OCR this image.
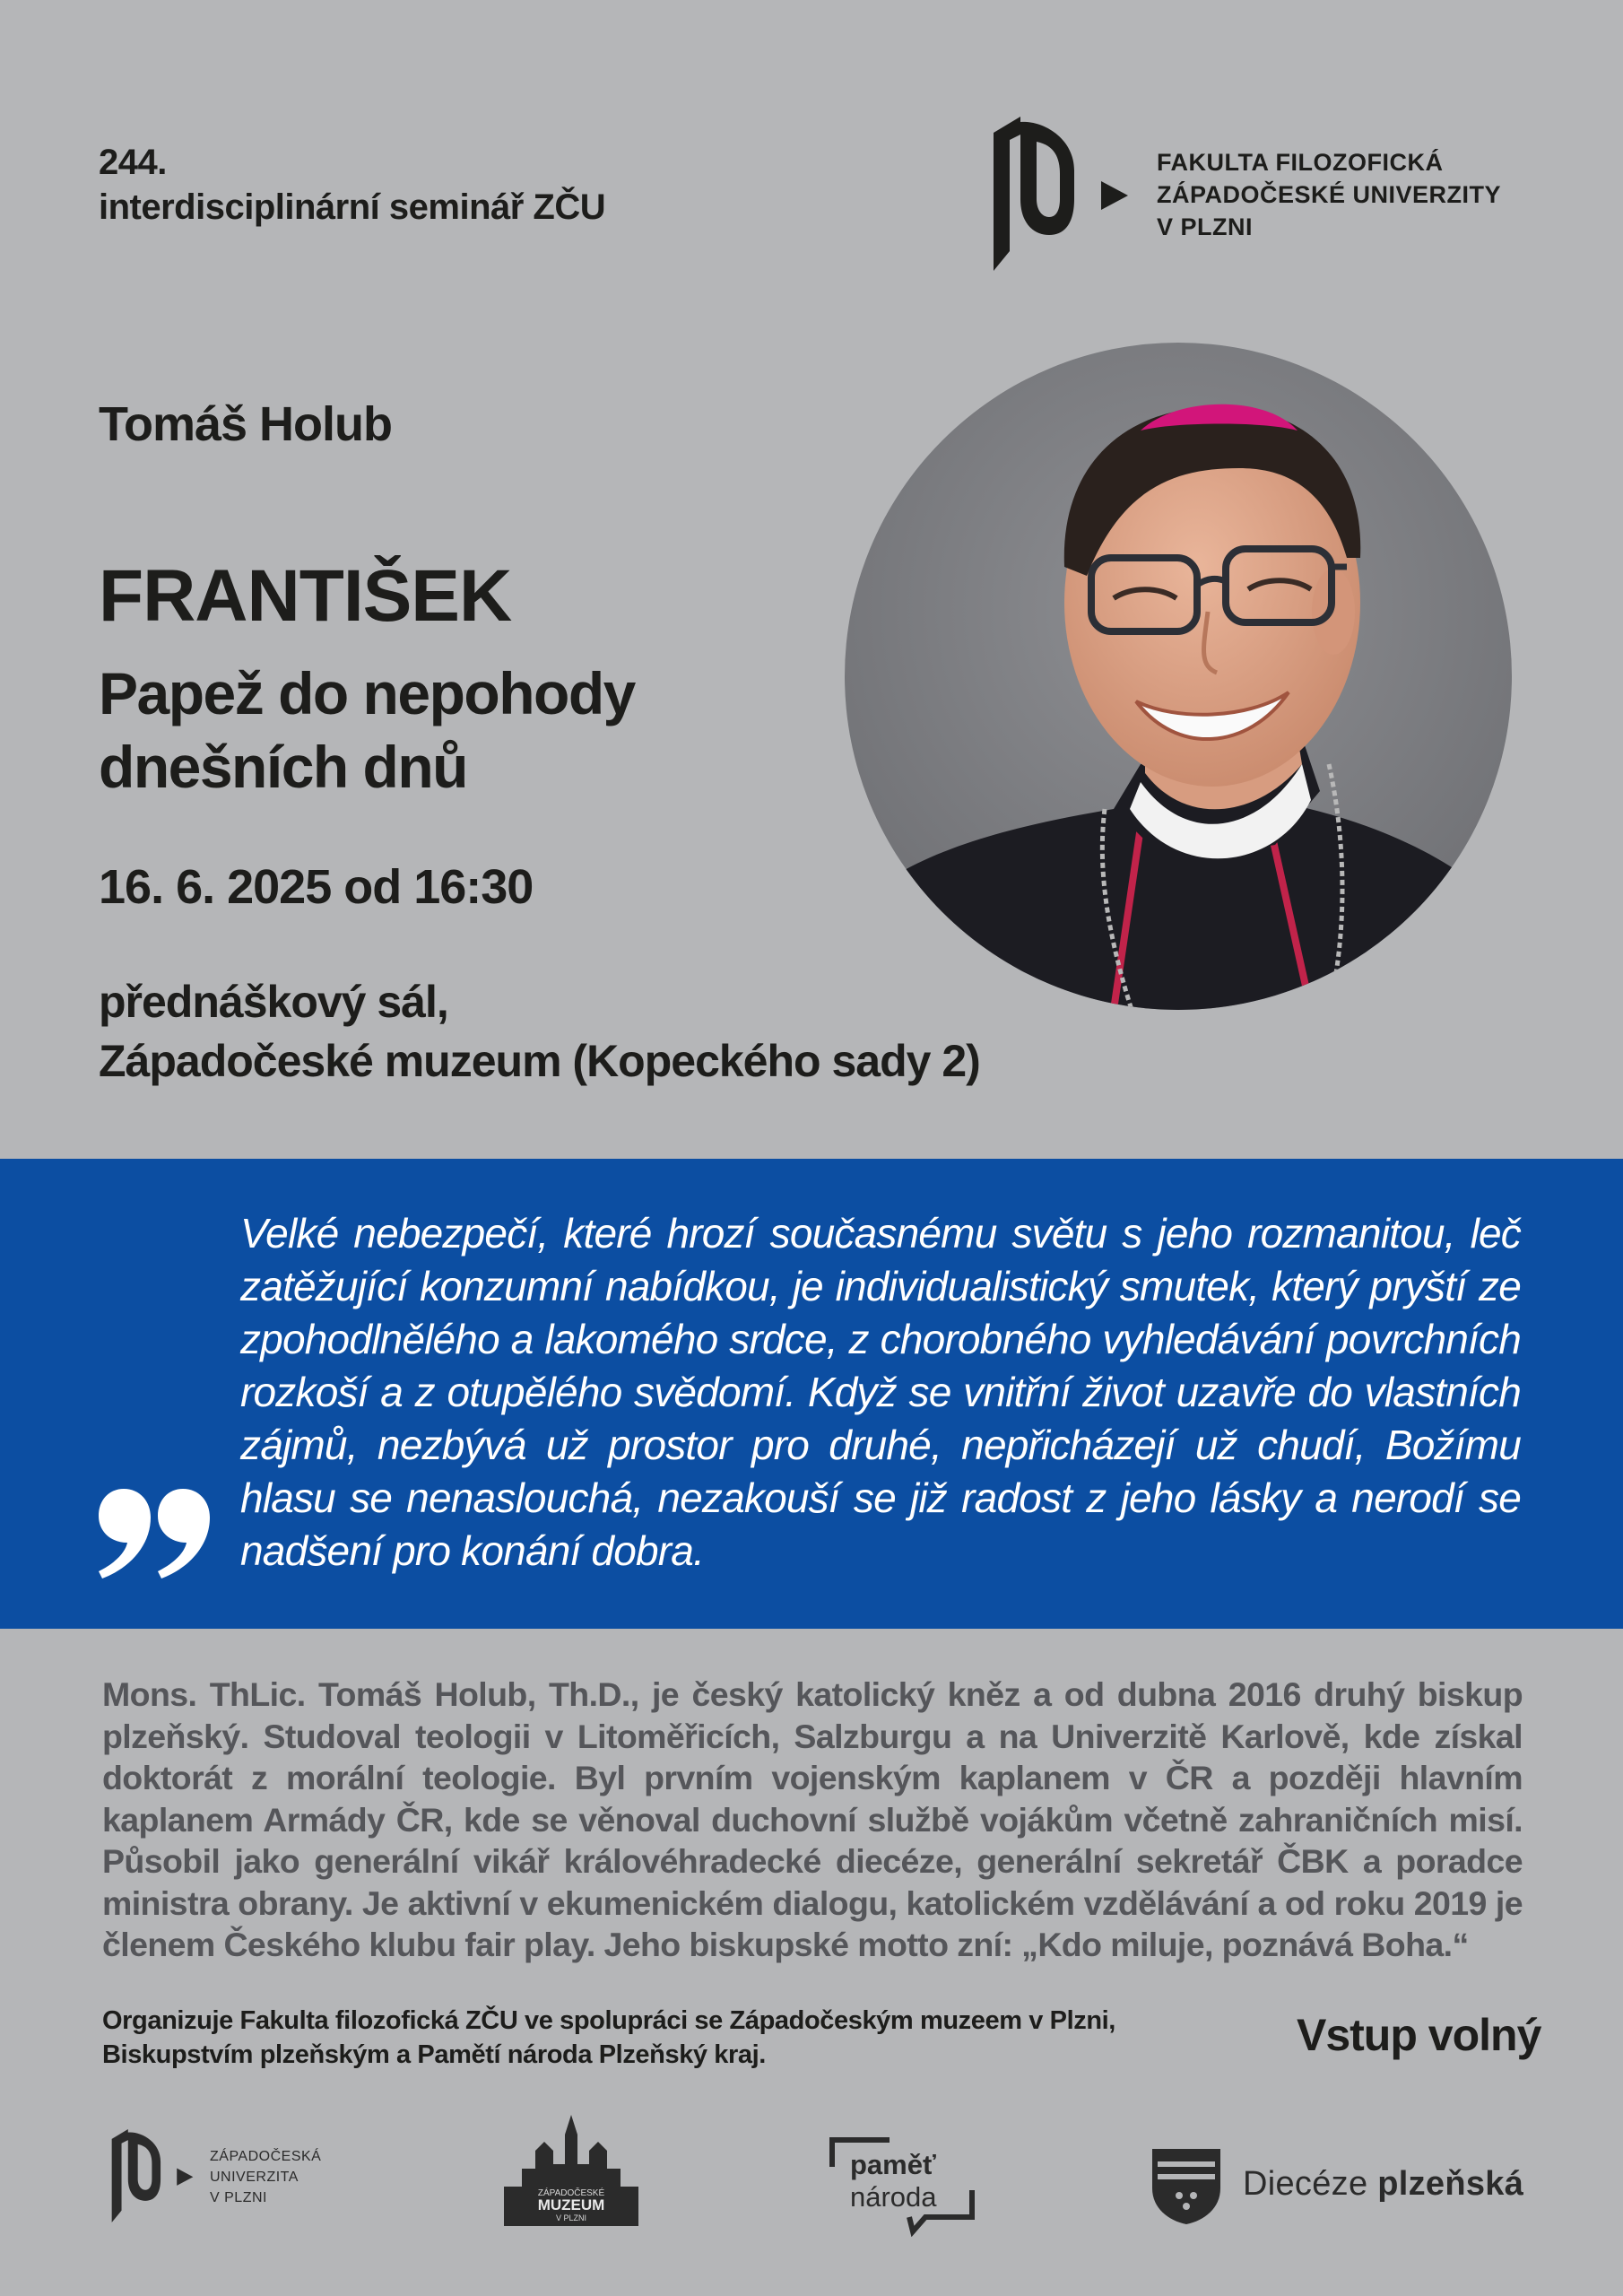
244.
interdisciplinární seminář ZČU
FAKULTA FILOZOFICKÁ
ZÁPADOČESKÉ UNIVERZITY
V PLZNI
Tomáš Holub
FRANTIŠEK
Papež do nepohody dnešních dnů
16. 6. 2025 od 16:30
přednáškový sál,
Západočeské muzeum (Kopeckého sady 2)
Velké nebezpečí, které hrozí současnému světu s jeho rozmanitou, leč zatěžující konzumní nabídkou, je individualistický smutek, který pryští ze zpohodlnělého a lakomého srdce, z chorobného vyhledávání povrchních rozkoší a z otupělého svědomí. Když se vnitřní život uzavře do vlastních zájmů, nezbývá už prostor pro druhé, nepřicházejí už chudí, Božímu hlasu se nenaslouchá, nezakouší se již radost z jeho lásky a nerodí se nadšení pro konání dobra.
Mons. ThLic. Tomáš Holub, Th.D., je český katolický kněz a od dubna 2016 druhý biskup plzeňský. Studoval teologii v Litoměřicích, Salzburgu a na Univerzitě Karlově, kde získal doktorát z morální teologie. Byl prvním vojenským kaplanem v ČR a později hlavním kaplanem Armády ČR, kde se věnoval duchovní službě vojákům včetně zahraničních misí. Působil jako generální vikář královéhradecké diecéze, generální sekretář ČBK a poradce ministra obrany. Je aktivní v ekumenickém dialogu, katolickém vzdělávání a od roku 2019 je členem Českého klubu fair play. Jeho biskupské motto zní: „Kdo miluje, poznává Boha.“
Organizuje Fakulta filozofická ZČU ve spolupráci se Západočeským muzeem v Plzni,
Biskupstvím plzeňským a Pamětí národa Plzeňský kraj.	Vstup volný
ZÁPADOČESKÁ
UNIVERZITA
V PLZNI	ZÁPADOČESKÉ
MUZEUM
V PLZNI
paměť
národa	Diecéze plzeňská
